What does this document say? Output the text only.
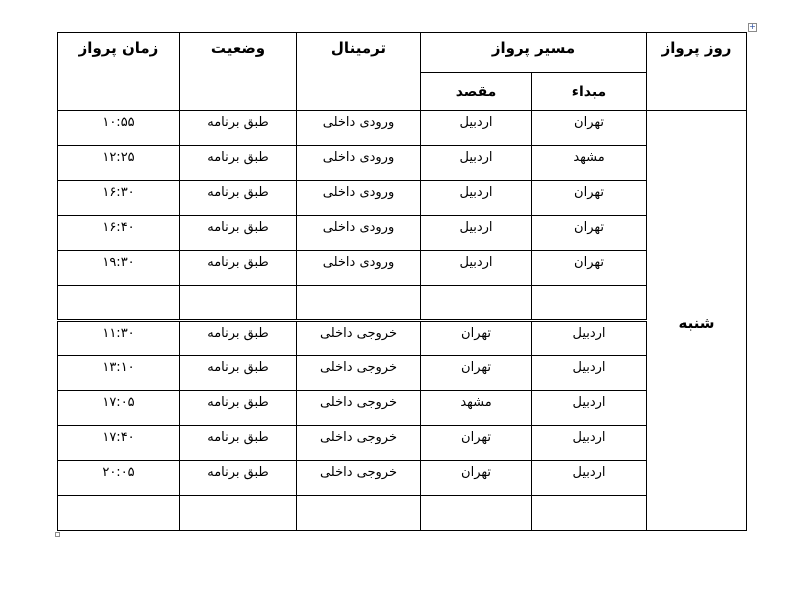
+
روز پرواز	مسیر پرواز		ترمینال	وضعیت	زمان پرواز
	مبداء	مقصد			
شنبه	تهران	اردبیل	ورودی داخلی	طبق برنامه	۱۰:۵۵
	مشهد	اردبیل	ورودی داخلی	طبق برنامه	۱۲:۲۵
	تهران	اردبیل	ورودی داخلی	طبق برنامه	۱۶:۳۰
	تهران	اردبیل	ورودی داخلی	طبق برنامه	۱۶:۴۰
	تهران	اردبیل	ورودی داخلی	طبق برنامه	۱۹:۳۰

	اردبیل	تهران	خروجی داخلی	طبق برنامه	۱۱:۳۰
	اردبیل	تهران	خروجی داخلی	طبق برنامه	۱۳:۱۰
	اردبیل	مشهد	خروجی داخلی	طبق برنامه	۱۷:۰۵
	اردبیل	تهران	خروجی داخلی	طبق برنامه	۱۷:۴۰
	اردبیل	تهران	خروجی داخلی	طبق برنامه	۲۰:۰۵
